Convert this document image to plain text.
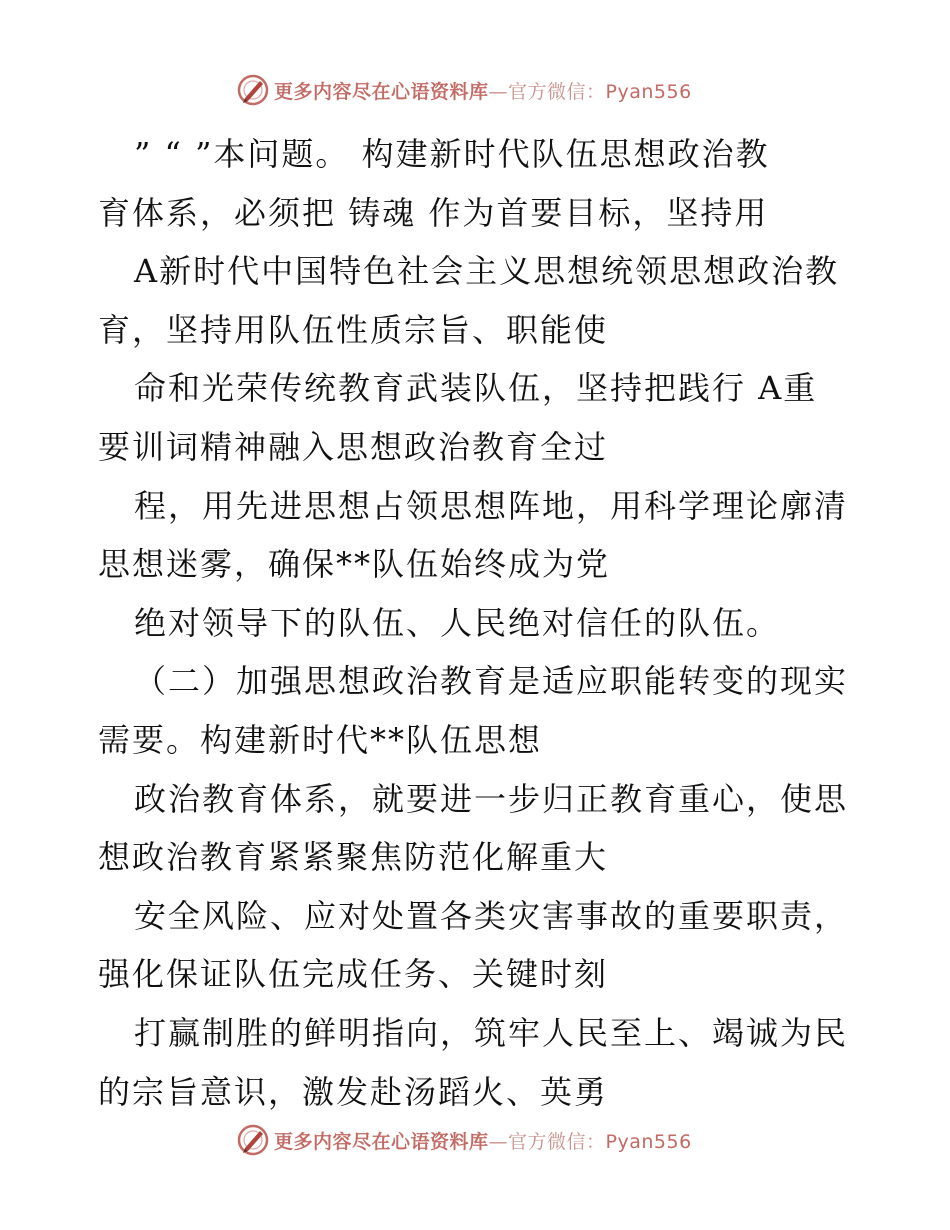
更多内容尽在心语资料库—官方微信：Pyan556
” “ ”本问题。 构建新时代队伍思想政治教
育体系，必须把 铸魂 作为首要目标，坚持用
A新时代中国特色社会主义思想统领思想政治教
育，坚持用队伍性质宗旨、职能使
命和光荣传统教育武装队伍，坚持把践行 A重
要训词精神融入思想政治教育全过
程，用先进思想占领思想阵地，用科学理论廓清
思想迷雾，确保**队伍始终成为党
绝对领导下的队伍、人民绝对信任的队伍。
（二）加强思想政治教育是适应职能转变的现实
需要。构建新时代**队伍思想
政治教育体系，就要进一步归正教育重心，使思
想政治教育紧紧聚焦防范化解重大
安全风险、应对处置各类灾害事故的重要职责，
强化保证队伍完成任务、关键时刻
打赢制胜的鲜明指向，筑牢人民至上、竭诚为民
的宗旨意识，激发赴汤蹈火、英勇
更多内容尽在心语资料库—官方微信：Pyan556
